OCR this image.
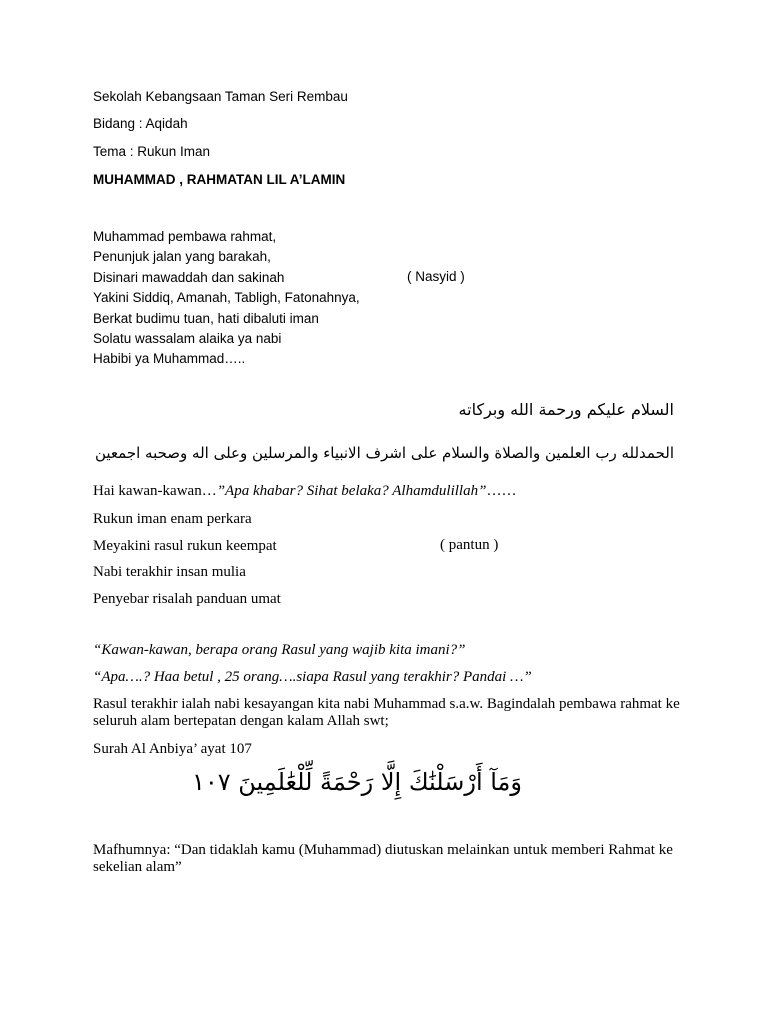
Sekolah Kebangsaan Taman Seri Rembau
Bidang : Aqidah
Tema : Rukun Iman
MUHAMMAD , RAHMATAN LIL A’LAMIN
Muhammad pembawa rahmat,
Penunjuk jalan yang barakah,
Disinari mawaddah dan sakinah	( Nasyid )
Yakini Siddiq, Amanah, Tabligh, Fatonahnya,
Berkat budimu tuan, hati dibaluti iman
Solatu wassalam alaika ya nabi
Habibi ya Muhammad…..
السلام عليكم ورحمة الله وبركاته
الحمدلله رب العلمين والصلاة والسلام على اشرف الانبياء والمرسلين وعلى اله وصحبه اجمعين
Hai kawan-kawan…”Apa khabar? Sihat belaka? Alhamdulillah”……
Rukun iman enam perkara
Meyakini rasul rukun keempat	( pantun )
Nabi terakhir insan mulia
Penyebar risalah panduan umat
“Kawan-kawan, berapa orang Rasul yang wajib kita imani?”
“Apa….? Haa betul , 25 orang….siapa Rasul yang terakhir? Pandai …”
Rasul terakhir ialah nabi kesayangan kita nabi Muhammad s.a.w. Bagindalah pembawa rahmat ke seluruh alam bertepatan dengan kalam Allah swt;
Surah Al Anbiya’ ayat 107
وَمَآ أَرْسَلْنَٰكَ إِلَّا رَحْمَةً لِّلْعَٰلَمِينَ ١٠٧
Mafhumnya: “Dan tidaklah kamu (Muhammad) diutuskan melainkan untuk memberi Rahmat ke sekelian alam”
